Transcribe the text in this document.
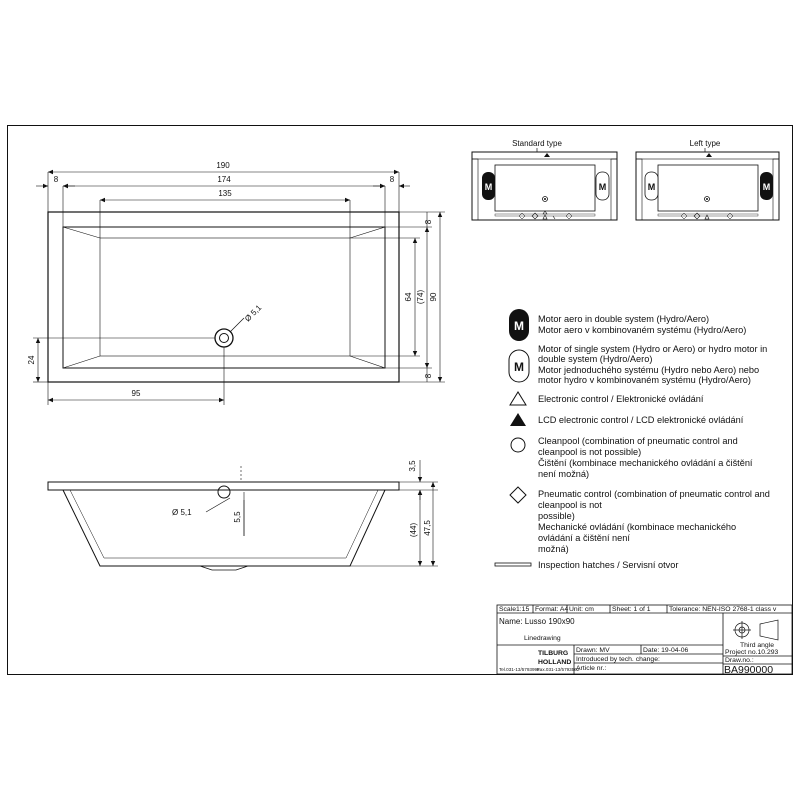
190
174
8	8
135
95
Ø 5,1
90
(74)
64
8
8
24
Ø 5,1
3,5
5,5
(44) 47,5
Standard type
M	M
Left type
M	M
M Motor aero in double system (Hydro/Aero)
Motor aero v kombinovaném systému (Hydro/Aero)
M
Motor of single system (Hydro or Aero) or hydro motor in
double system (Hydro/Aero)
Motor jednoduchého systému (Hydro nebo Aero) nebo
motor hydro v kombinovaném systému (Hydro/Aero)
Electronic control / Elektronické ovládání
LCD electronic control / LCD elektronické ovládání
Cleanpool (combination of pneumatic control and
cleanpool is not possible)
Čištění (kombinace mechanického ovládání a čištění
není možná)
Pneumatic control (combination of pneumatic control and
cleanpool is not
possible)
Mechanické ovládání (kombinace mechanického
ovládání a čištění není
možná)
Inspection hatches / Servisní otvor
Scale1:15 Format: A4 Unit: cm	Sheet: 1 of 1	Tolerance: NEN-ISO 2768-1 class v
Name: Lusso 190x90
Linedrawing
TILBURG
HOLLAND
Tel.031-13/5793998
Fax.031-13/5793562
Drawn: MV	Date: 19-04-06
Introduced by tech. change:
Article nr.:
Third angle
Project no.10.293
Draw.no.:
BA990000
